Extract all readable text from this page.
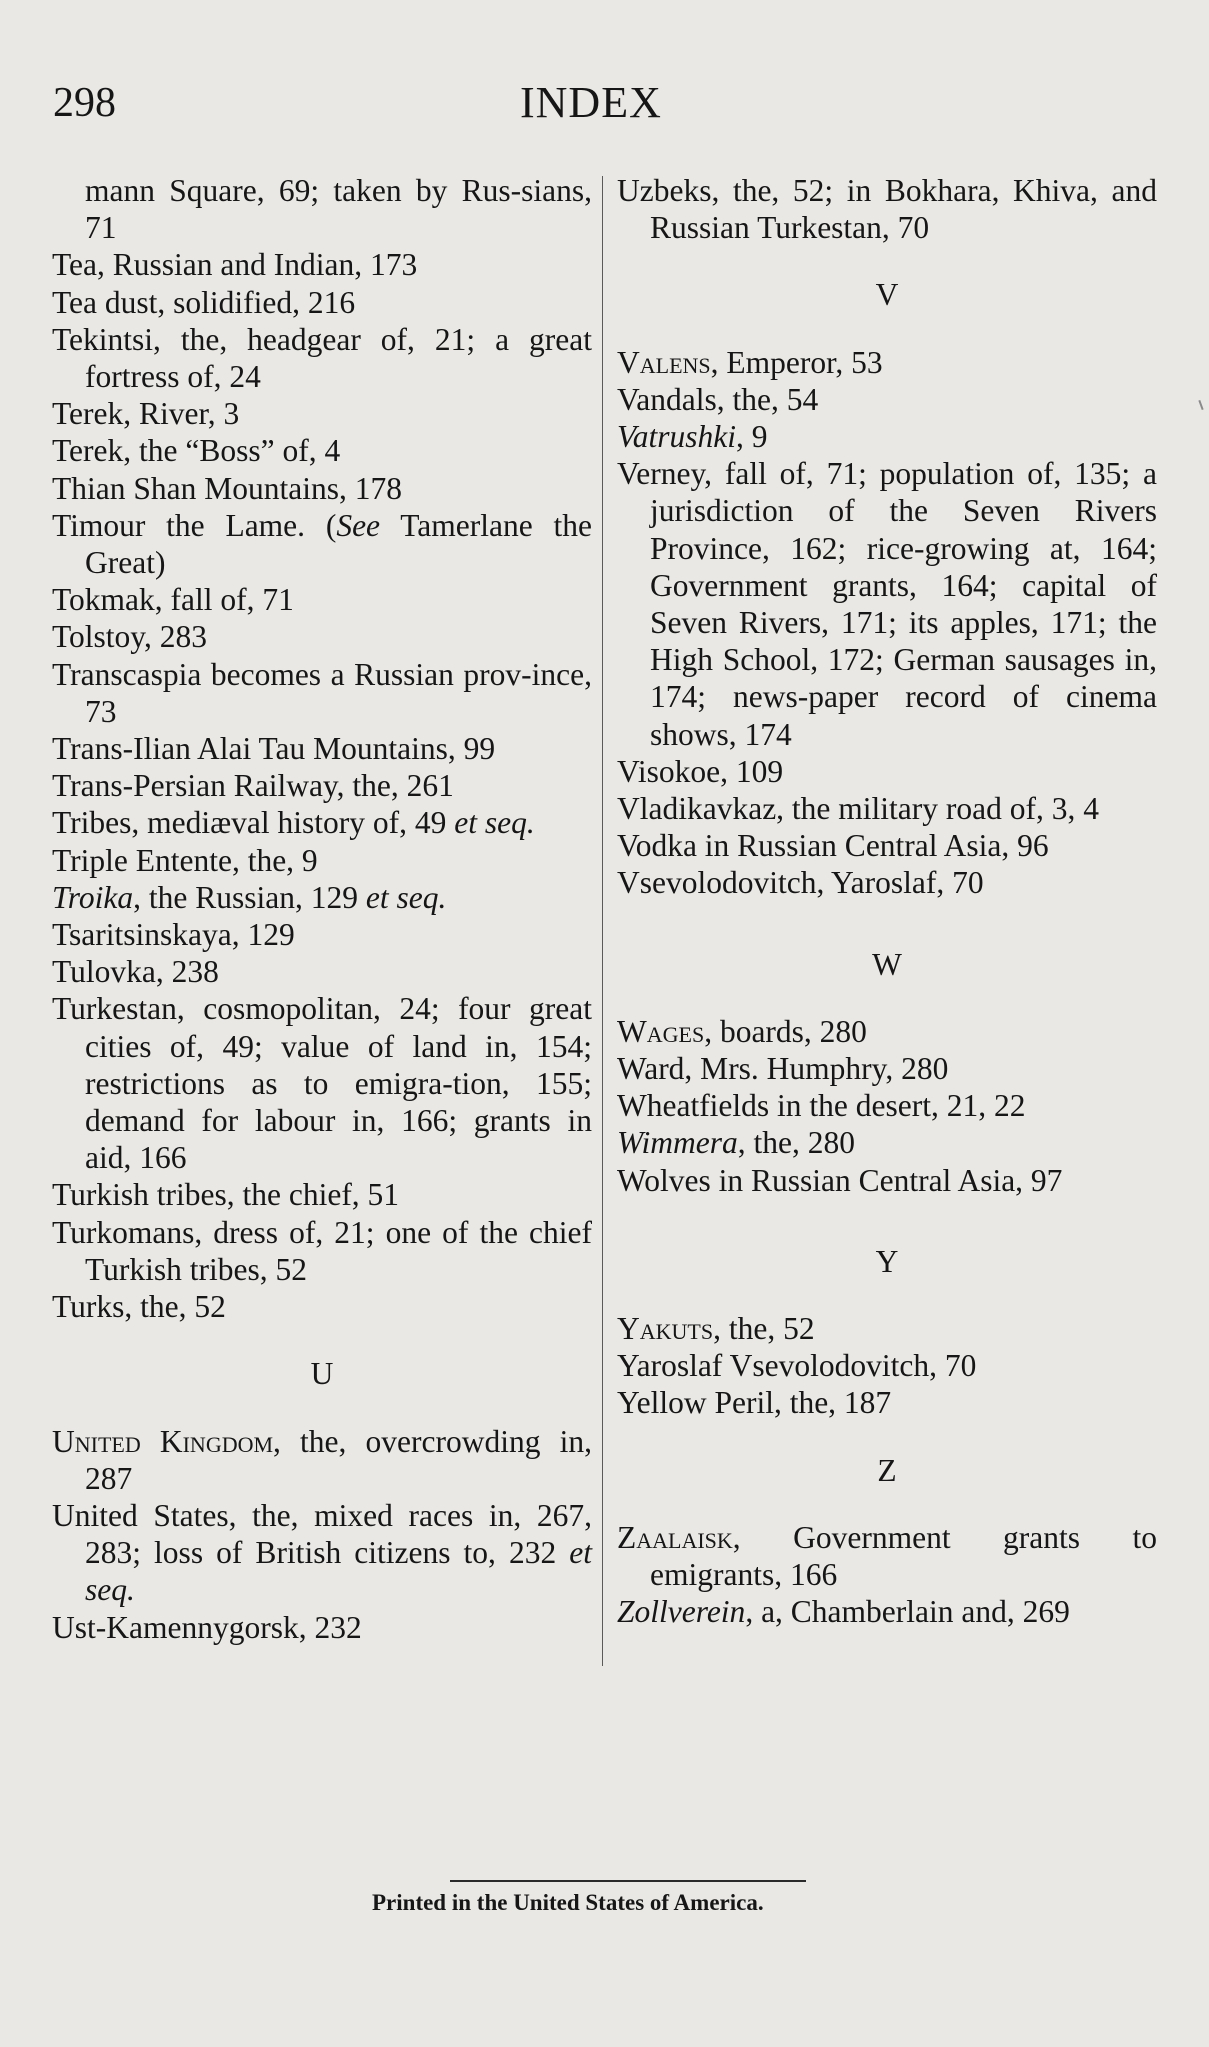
298	INDEX

mann Square, 69; taken by Rus-sians, 71

Tea, Russian and Indian, 173

Tea dust, solidified, 216

Tekintsi, the, headgear of, 21; a great fortress of, 24

Terek, River, 3

Terek, the “Boss” of, 4

Thian Shan Mountains, 178

Timour the Lame. (See Tamerlane the Great)

Tokmak, fall of, 71

Tolstoy, 283

Transcaspia becomes a Russian prov-ince, 73

Trans-Ilian Alai Tau Mountains, 99

Trans-Persian Railway, the, 261

Tribes, mediæval history of, 49 et seq.

Triple Entente, the, 9

Troika, the Russian, 129 et seq.

Tsaritsinskaya, 129

Tulovka, 238

Turkestan, cosmopolitan, 24; four great cities of, 49; value of land in, 154; restrictions as to emigra-tion, 155; demand for labour in, 166; grants in aid, 166

Turkish tribes, the chief, 51

Turkomans, dress of, 21; one of the chief Turkish tribes, 52

Turks, the, 52

U

United Kingdom, the, overcrowding in, 287

United States, the, mixed races in, 267, 283; loss of British citizens to, 232 et seq.

Ust-Kamennygorsk, 232

Uzbeks, the, 52; in Bokhara, Khiva, and Russian Turkestan, 70

V

Valens, Emperor, 53

Vandals, the, 54

Vatrushki, 9

Verney, fall of, 71; population of, 135; a jurisdiction of the Seven Rivers Province, 162; rice-growing at, 164; Government grants, 164; capital of Seven Rivers, 171; its apples, 171; the High School, 172; German sausages in, 174; news-paper record of cinema shows, 174

Visokoe, 109

Vladikavkaz, the military road of, 3, 4

Vodka in Russian Central Asia, 96

Vsevolodovitch, Yaroslaf, 70

W

Wages, boards, 280

Ward, Mrs. Humphry, 280

Wheatfields in the desert, 21, 22

Wimmera, the, 280

Wolves in Russian Central Asia, 97

Y

Yakuts, the, 52

Yaroslaf Vsevolodovitch, 70

Yellow Peril, the, 187

Z

Zaalaisk, Government grants to emigrants, 166

Zollverein, a, Chamberlain and, 269

Printed in the United States of America.
